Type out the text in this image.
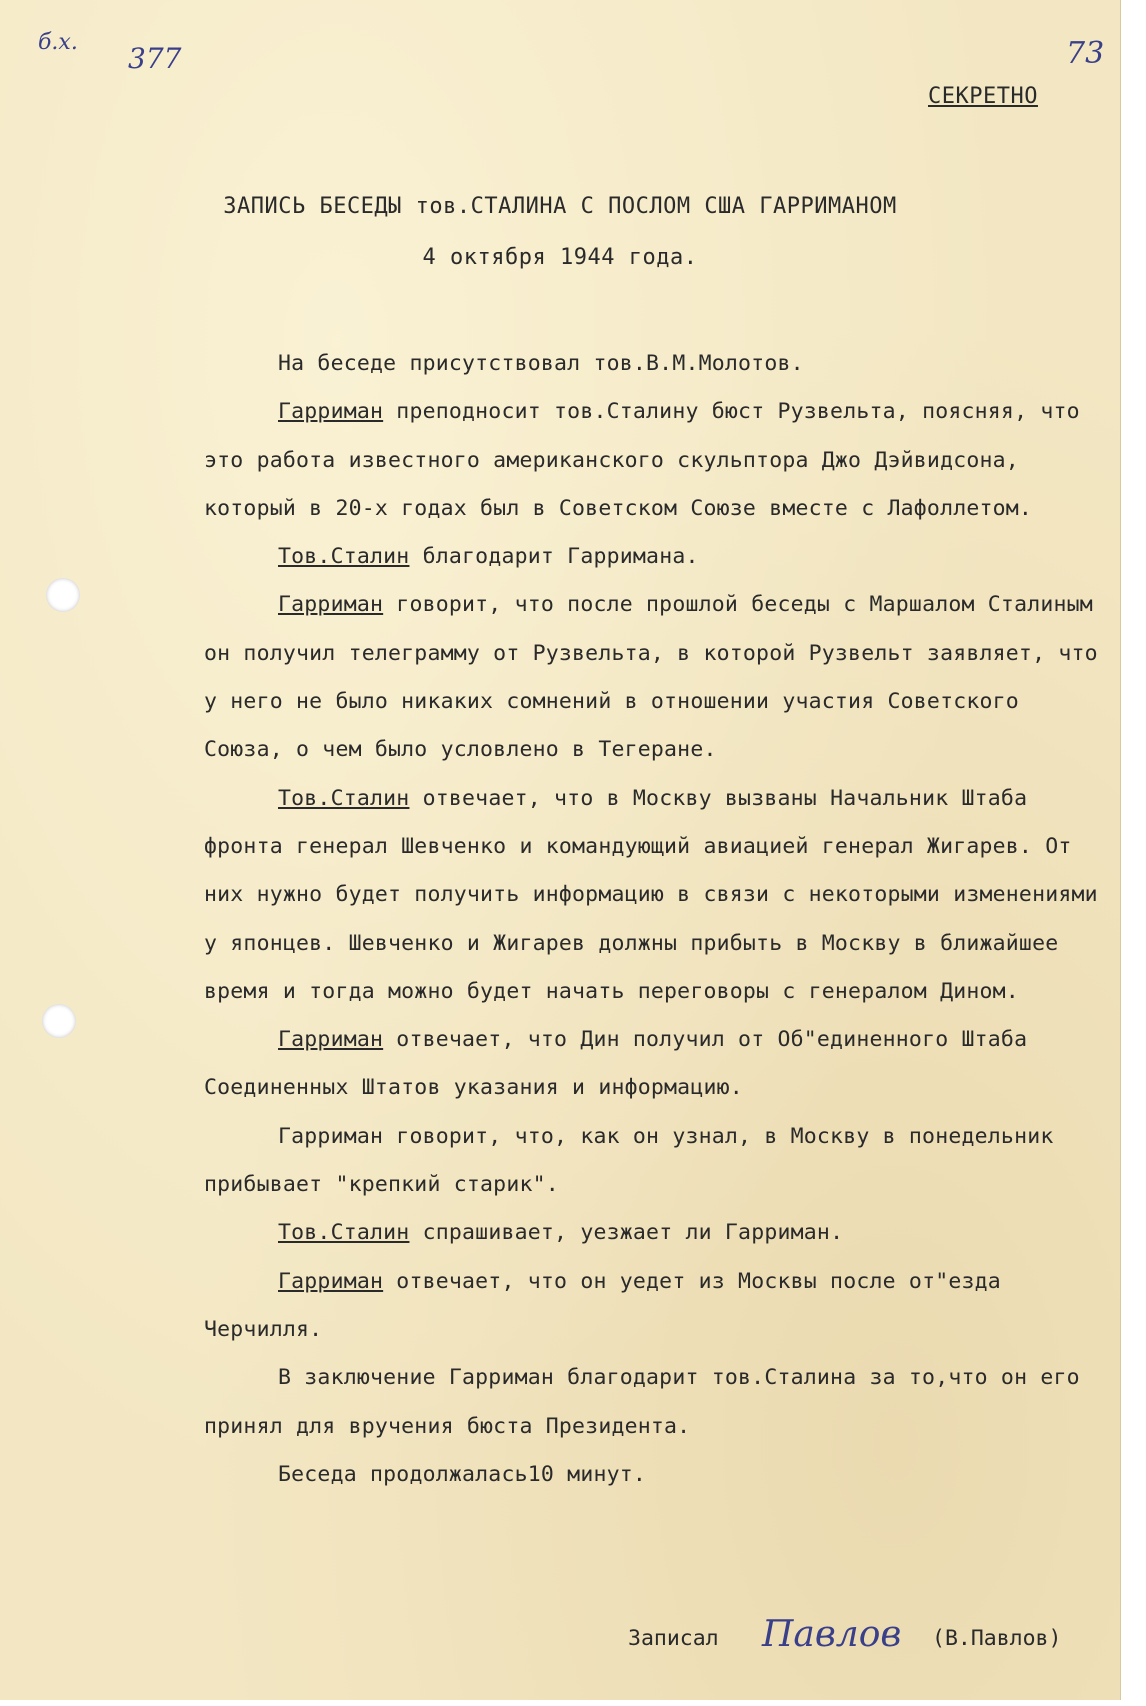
б.х. 377	73
СЕКРЕТНО
ЗАПИСЬ БЕСЕДЫ тов.СТАЛИНА С ПОСЛОМ США ГАРРИМАНОМ
4 октября 1944 года.

На беседе присутствовал тов.В.М.Молотов.

Гарриман преподносит тов.Сталину бюст Рузвельта, поясняя, что это работа известного американского скульптора Джо Дэйвидсона, который в 20-х годах был в Советском Союзе вместе с Лафоллетом.

Тов.Сталин благодарит Гарримана.

Гарриман говорит, что после прошлой беседы с Маршалом Сталиным он получил телеграмму от Рузвельта, в которой Рузвельт заявляет, что у него не было никаких сомнений в отношении участия Советского Союза, о чем было условлено в Тегеране.

Тов.Сталин отвечает, что в Москву вызваны Начальник Штаба фронта генерал Шевченко и командующий авиацией генерал Жигарев. От них нужно будет получить информацию в связи с некоторыми изменениями у японцев. Шевченко и Жигарев должны прибыть в Москву в ближайшее время и тогда можно будет начать переговоры с генералом Дином.

Гарриман отвечает, что Дин получил от Об"единенного Штаба Соединенных Штатов указания и информацию.

Гарриман говорит, что, как он узнал, в Москву в понедельник прибывает "крепкий старик".

Тов.Сталин спрашивает, уезжает ли Гарриман.

Гарриман отвечает, что он уедет из Москвы после от"езда Черчилля.

В заключение Гарриман благодарит тов.Сталина за то,что он его принял для вручения бюста Президента.

Беседа продолжалась10 минут.

Записал Павлов (В.Павлов)
